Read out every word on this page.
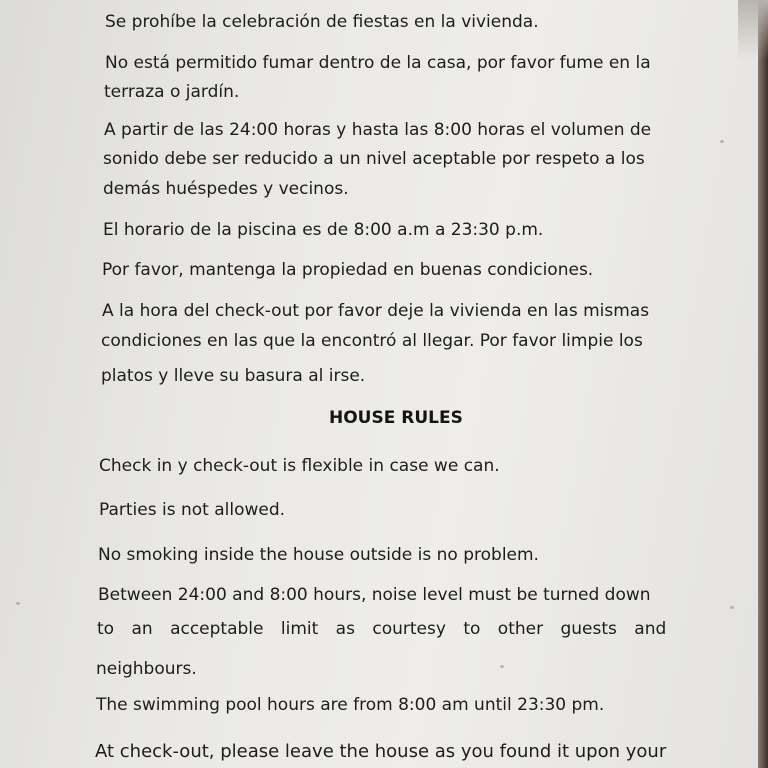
Se prohíbe la celebración de fiestas en la vivienda.

No está permitido fumar dentro de la casa, por favor fume en la

terraza o jardín.

A partir de las 24:00 horas y hasta las 8:00 horas el volumen de

sonido debe ser reducido a un nivel aceptable por respeto a los

demás huéspedes y vecinos.

El horario de la piscina es de 8:00 a.m a 23:30 p.m.

Por favor, mantenga la propiedad en buenas condiciones.

A la hora del check-out por favor deje la vivienda en las mismas

condiciones en las que la encontró al llegar. Por favor limpie los

platos y lleve su basura al irse.

HOUSE RULES

Check in y check-out is flexible in case we can.

Parties is not allowed.

No smoking inside the house outside is no problem.

Between 24:00 and 8:00 hours, noise level must be turned down

to an acceptable limit as courtesy to other guests and

neighbours.

The swimming pool hours are from 8:00 am until 23:30 pm.

At check-out, please leave the house as you found it upon your
